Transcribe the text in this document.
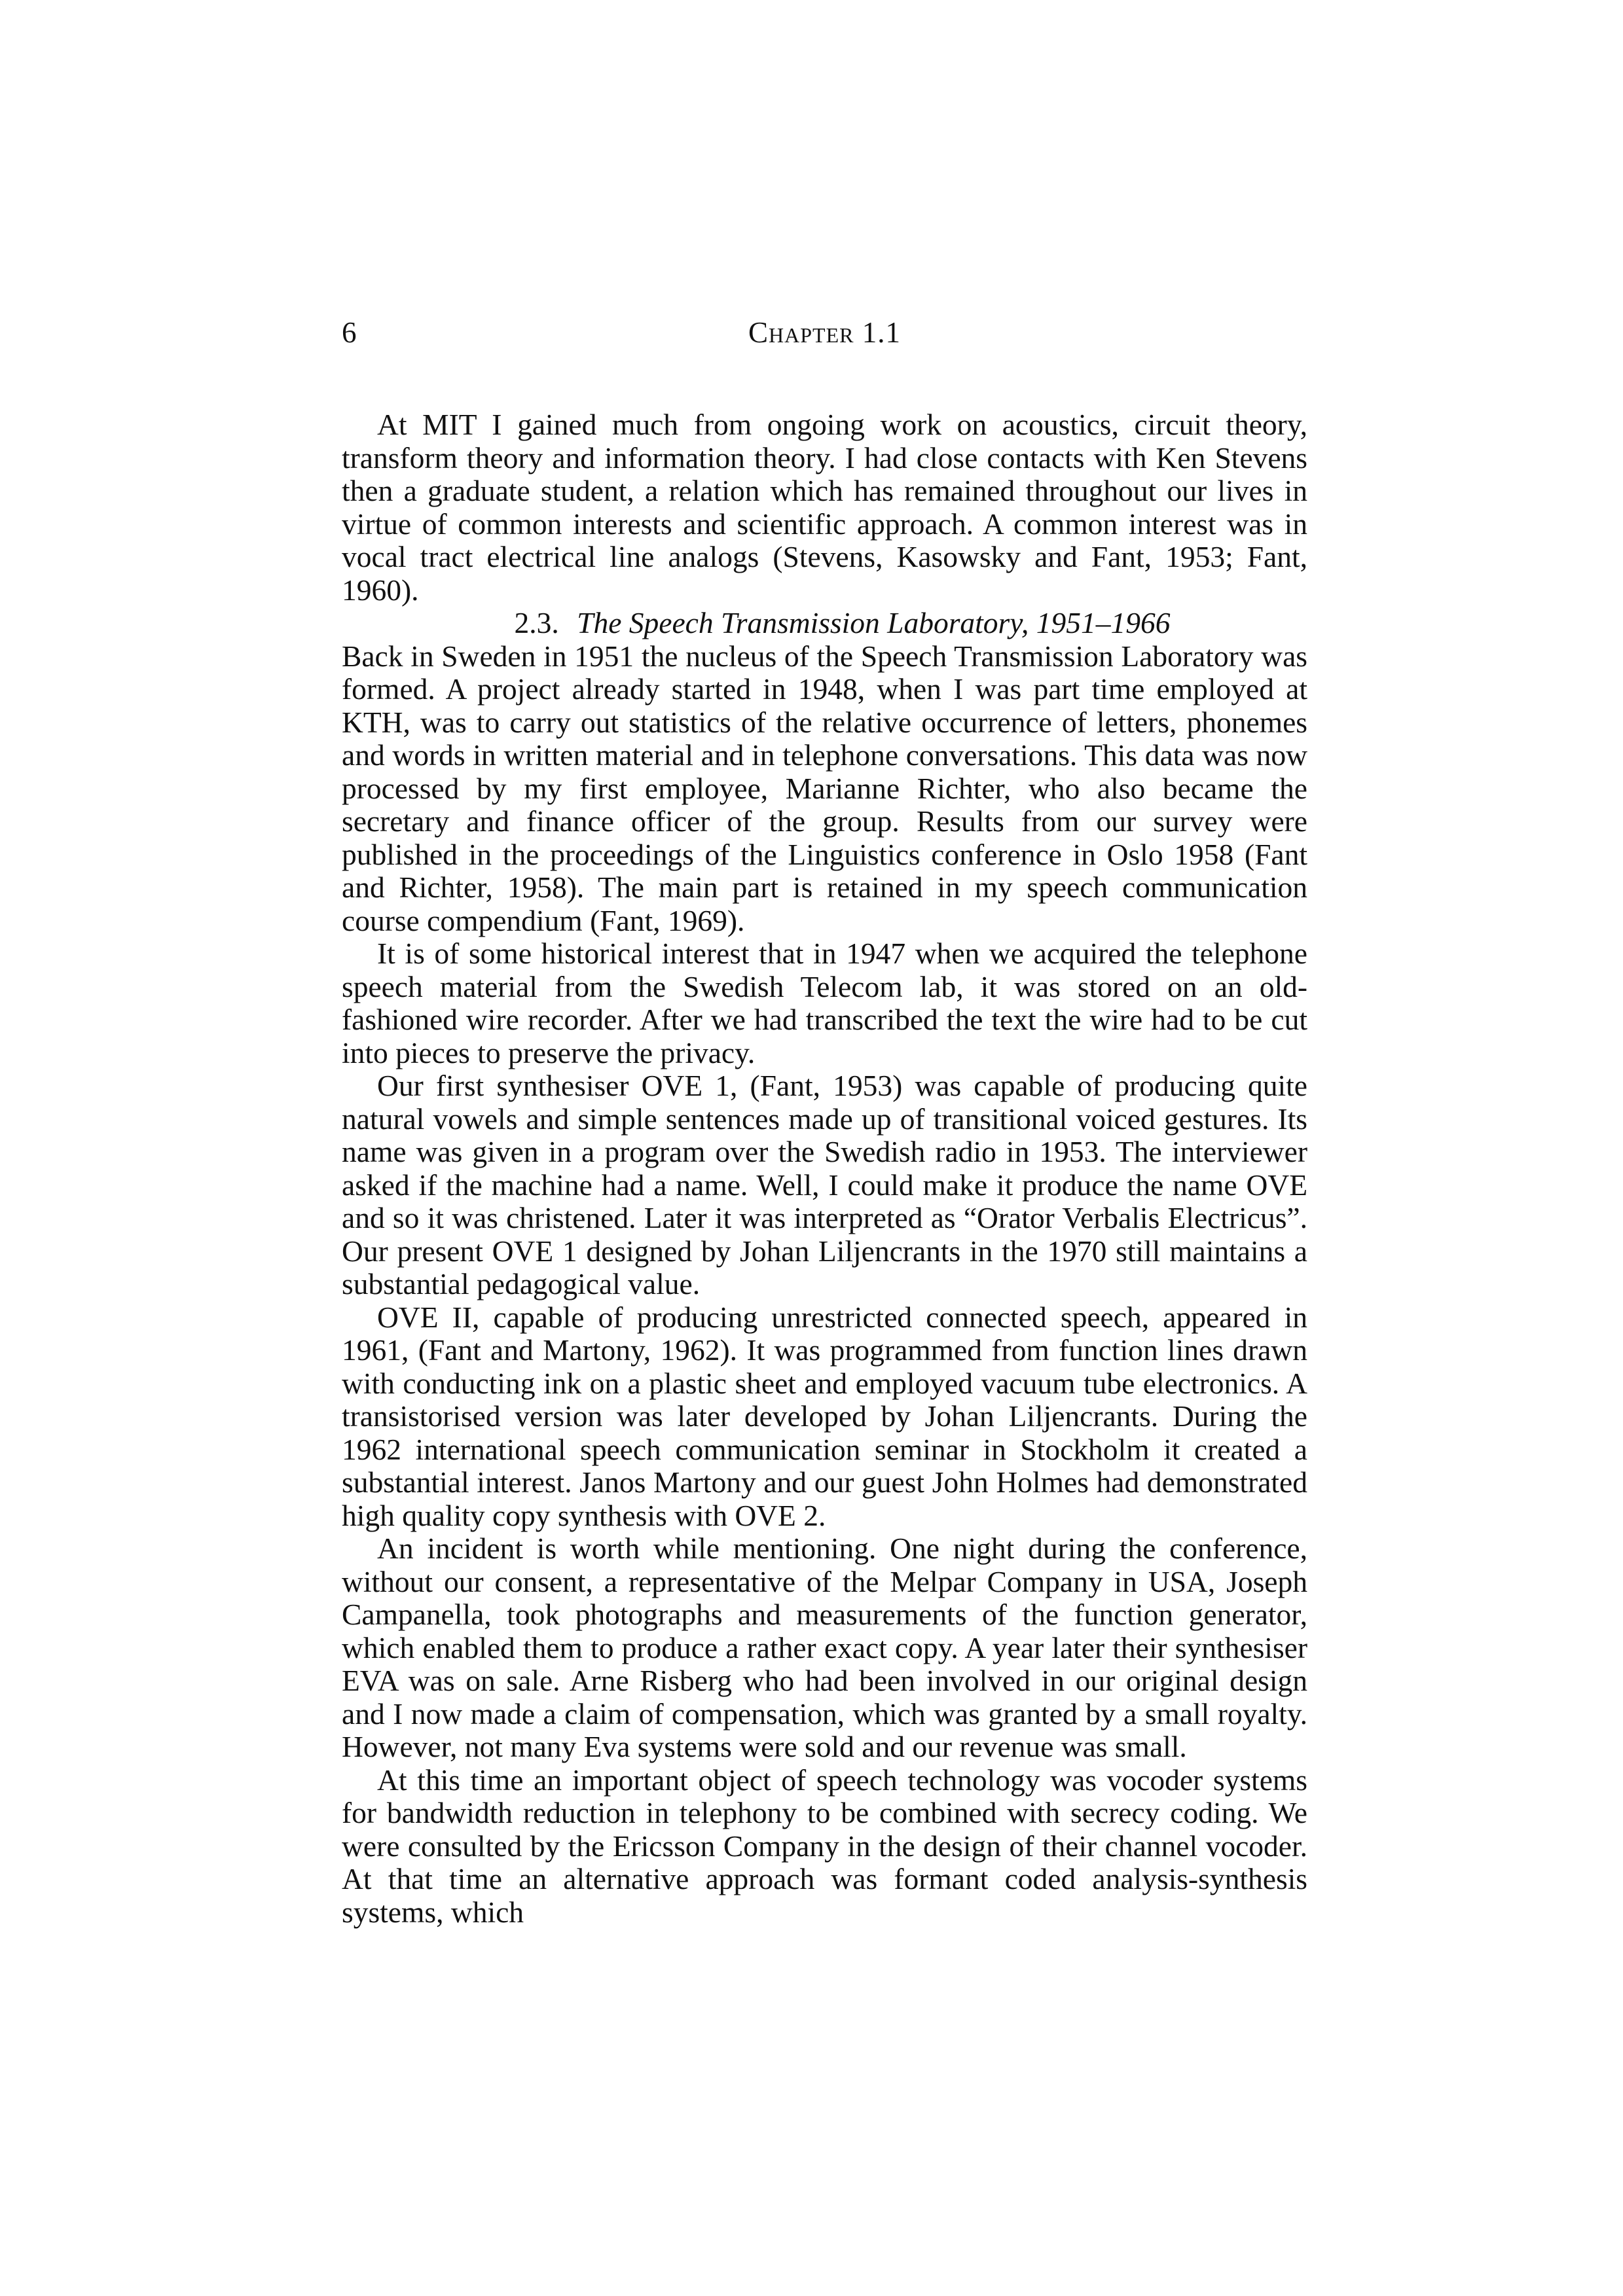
6	Chapter 1.1

At MIT I gained much from ongoing work on acoustics, circuit theory, transform theory and information theory. I had close contacts with Ken Stevens then a graduate student, a relation which has remained throughout our lives in virtue of common interests and scientific approach. A common interest was in vocal tract electrical line analogs (Stevens, Kasowsky and Fant, 1953; Fant, 1960).

2.3. The Speech Transmission Laboratory, 1951–1966

Back in Sweden in 1951 the nucleus of the Speech Transmission Laboratory was formed. A project already started in 1948, when I was part time employed at KTH, was to carry out statistics of the relative occurrence of letters, phonemes and words in written material and in telephone conversations. This data was now processed by my first employee, Marianne Richter, who also became the secretary and finance officer of the group. Results from our survey were published in the proceedings of the Linguistics conference in Oslo 1958 (Fant and Richter, 1958). The main part is retained in my speech communication course compendium (Fant, 1969).

It is of some historical interest that in 1947 when we acquired the telephone speech material from the Swedish Telecom lab, it was stored on an old-fashioned wire recorder. After we had transcribed the text the wire had to be cut into pieces to preserve the privacy.

Our first synthesiser OVE 1, (Fant, 1953) was capable of producing quite natural vowels and simple sentences made up of transitional voiced gestures. Its name was given in a program over the Swedish radio in 1953. The interviewer asked if the machine had a name. Well, I could make it produce the name OVE and so it was christened. Later it was interpreted as “Orator Verbalis Electricus”. Our present OVE 1 designed by Johan Liljencrants in the 1970 still maintains a substantial pedagogical value.

OVE II, capable of producing unrestricted connected speech, appeared in 1961, (Fant and Martony, 1962). It was programmed from function lines drawn with conducting ink on a plastic sheet and employed vacuum tube electronics. A transistorised version was later developed by Johan Liljencrants. During the 1962 international speech communication seminar in Stockholm it created a substantial interest. Janos Martony and our guest John Holmes had demonstrated high quality copy synthesis with OVE 2.

An incident is worth while mentioning. One night during the conference, without our consent, a representative of the Melpar Company in USA, Joseph Campanella, took photographs and measurements of the function generator, which enabled them to produce a rather exact copy. A year later their synthesiser EVA was on sale. Arne Risberg who had been involved in our original design and I now made a claim of compensation, which was granted by a small royalty. However, not many Eva systems were sold and our revenue was small.

At this time an important object of speech technology was vocoder systems for bandwidth reduction in telephony to be combined with secrecy coding. We were consulted by the Ericsson Company in the design of their channel vocoder. At that time an alternative approach was formant coded analysis-synthesis systems, which
